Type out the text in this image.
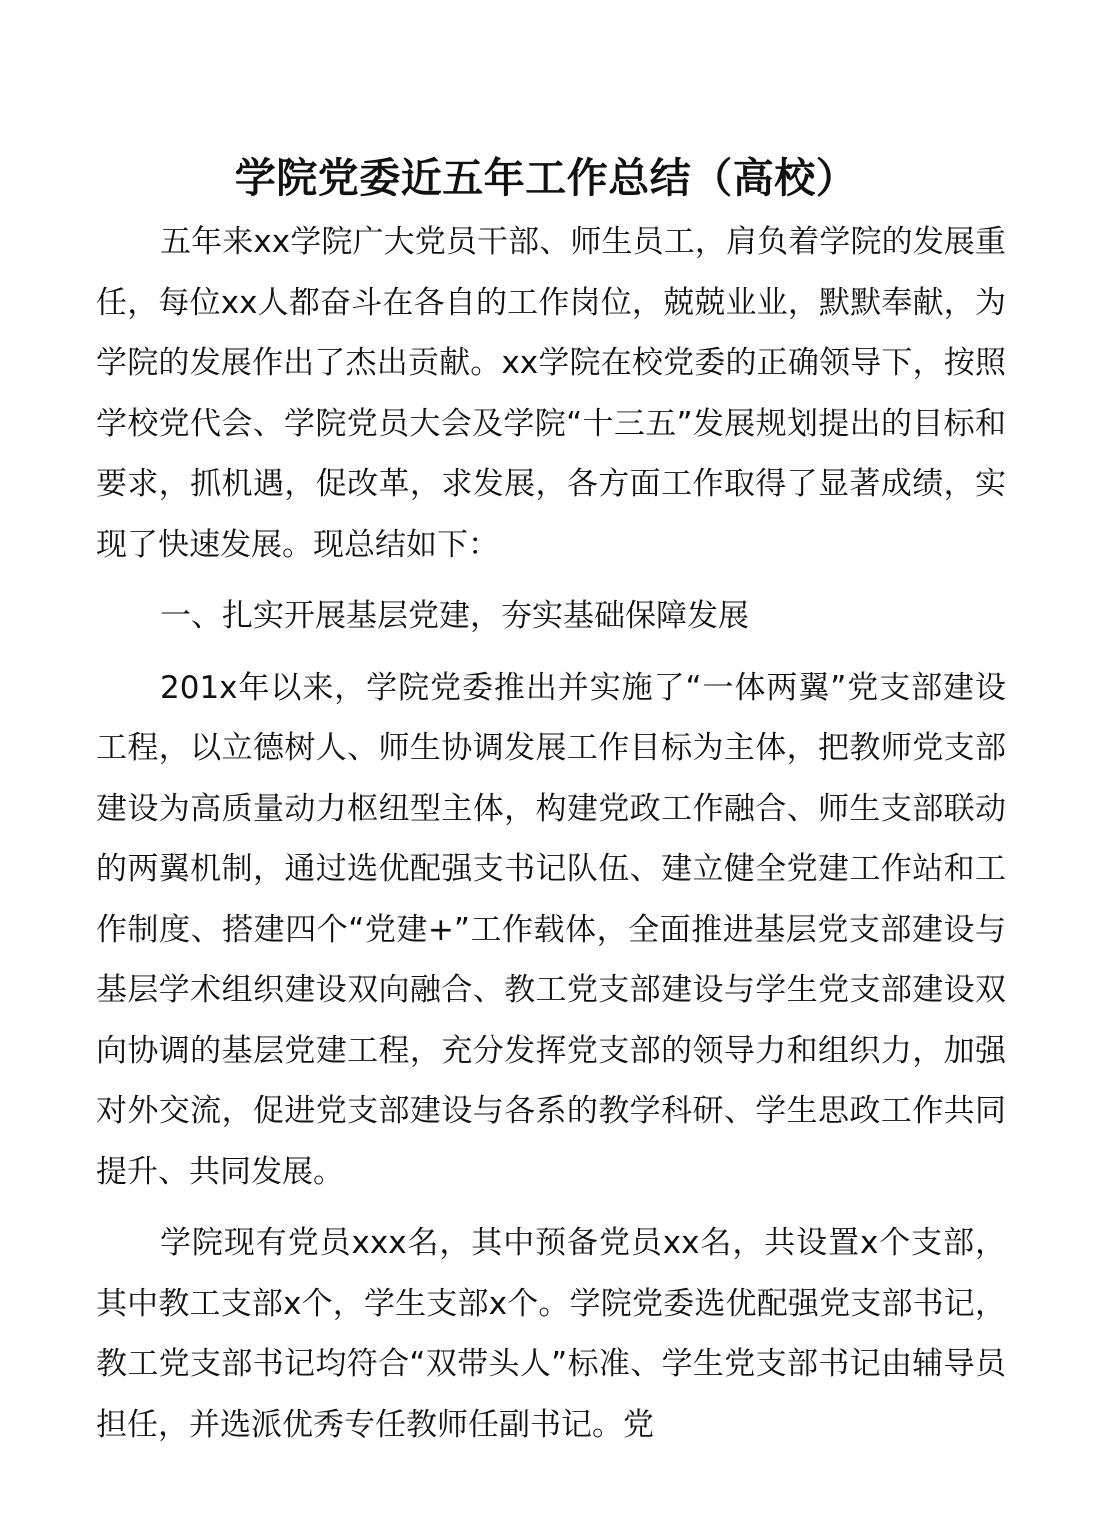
学院党委近五年工作总结（高校）

五年来xx学院广大党员干部、师生员工，肩负着学院的发展重任，每位xx人都奋斗在各自的工作岗位，兢兢业业，默默奉献，为学院的发展作出了杰出贡献。xx学院在校党委的正确领导下，按照学校党代会、学院党员大会及学院“十三五”发展规划提出的目标和要求，抓机遇，促改革，求发展，各方面工作取得了显著成绩，实现了快速发展。现总结如下：

一、扎实开展基层党建，夯实基础保障发展

201x年以来，学院党委推出并实施了“一体两翼”党支部建设工程，以立德树人、师生协调发展工作目标为主体，把教师党支部建设为高质量动力枢纽型主体，构建党政工作融合、师生支部联动的两翼机制，通过选优配强支书记队伍、建立健全党建工作站和工作制度、搭建四个“党建+”工作载体，全面推进基层党支部建设与基层学术组织建设双向融合、教工党支部建设与学生党支部建设双向协调的基层党建工程，充分发挥党支部的领导力和组织力，加强对外交流，促进党支部建设与各系的教学科研、学生思政工作共同提升、共同发展。

学院现有党员xxx名，其中预备党员xx名，共设置x个支部，其中教工支部x个，学生支部x个。学院党委选优配强党支部书记，教工党支部书记均符合“双带头人”标准、学生党支部书记由辅导员担任，并选派优秀专任教师任副书记。党
